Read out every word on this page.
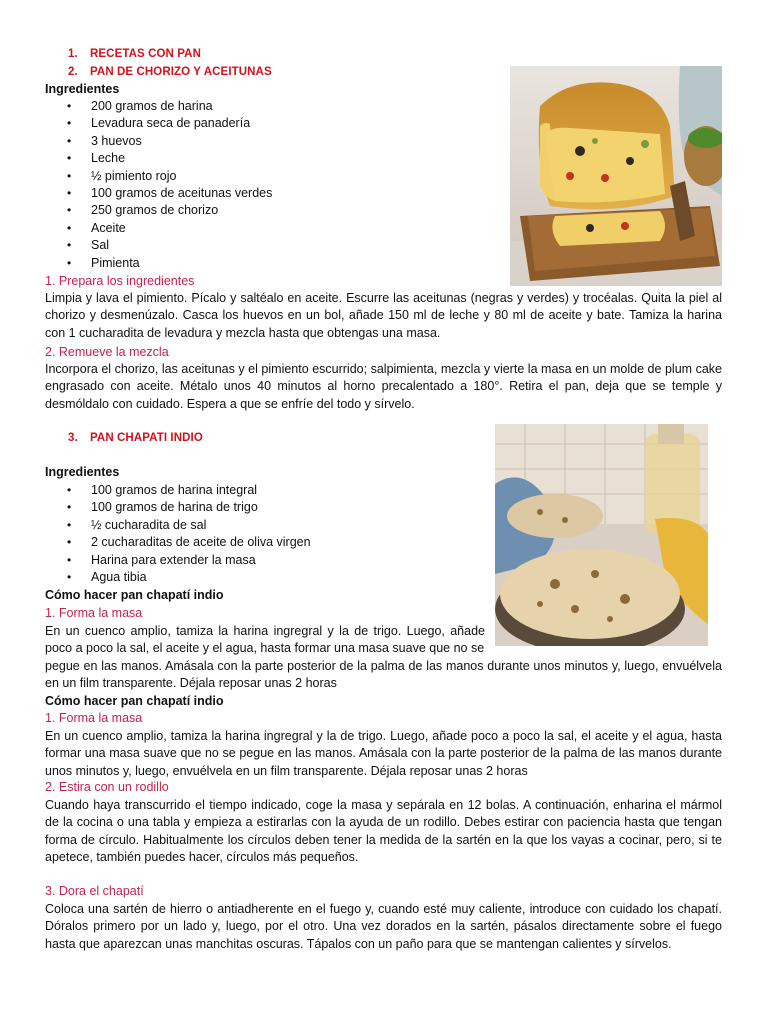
1. RECETAS CON PAN
2. PAN DE CHORIZO Y ACEITUNAS
Ingredientes
• 200 gramos de harina
• Levadura seca de panadería
• 3 huevos
• Leche
• ½ pimiento rojo
• 100 gramos de aceitunas verdes
• 250 gramos de chorizo
• Aceite
• Sal
• Pimienta
1. Prepara los ingredientes
Limpia y lava el pimiento. Pícalo y saltéalo en aceite. Escurre las aceitunas (negras y verdes) y trocéalas. Quita la piel al chorizo y desmenúzalo. Casca los huevos en un bol, añade 150 ml de leche y 80 ml de aceite y bate. Tamiza la harina con 1 cucharadita de levadura y mezcla hasta que obtengas una masa.
2. Remueve la mezcla
Incorpora el chorizo, las aceitunas y el pimiento escurrido; salpimienta, mezcla y vierte la masa en un molde de plum cake engrasado con aceite. Métalo unos 40 minutos al horno precalentado a 180°. Retira el pan, deja que se temple y desmóldalo con cuidado. Espera a que se enfríe del todo y sírvelo.
3. PAN CHAPATI INDIO
Ingredientes
• 100 gramos de harina integral
• 100 gramos de harina de trigo
• ½ cucharadita de sal
• 2 cucharaditas de aceite de oliva virgen
• Harina para extender la masa
• Agua tibia
Cómo hacer pan chapatí indio
1. Forma la masa
En un cuenco amplio, tamiza la harina ingregral y la de trigo. Luego, añade poco a poco la sal, el aceite y el agua, hasta formar una masa suave que no se
pegue en las manos. Amásala con la parte posterior de la palma de las manos durante unos minutos y, luego, envuélvela en un film transparente. Déjala reposar unas 2 horas
Cómo hacer pan chapatí indio
1. Forma la masa
En un cuenco amplio, tamiza la harina ingregral y la de trigo. Luego, añade poco a poco la sal, el aceite y el agua, hasta formar una masa suave que no se pegue en las manos. Amásala con la parte posterior de la palma de las manos durante unos minutos y, luego, envuélvela en un film transparente. Déjala reposar unas 2 horas
2. Estira con un rodillo
Cuando haya transcurrido el tiempo indicado, coge la masa y sepárala en 12 bolas. A continuación, enharina el mármol de la cocina o una tabla y empieza a estirarlas con la ayuda de un rodillo. Debes estirar con paciencia hasta que tengan forma de círculo. Habitualmente los círculos deben tener la medida de la sartén en la que los vayas a cocinar, pero, si te apetece, también puedes hacer, círculos más pequeños.
3. Dora el chapatí
Coloca una sartén de hierro o antiadherente en el fuego y, cuando esté muy caliente, introduce con cuidado los chapatí. Dóralos primero por un lado y, luego, por el otro. Una vez dorados en la sartén, pásalos directamente sobre el fuego hasta que aparezcan unas manchitas oscuras. Tápalos con un paño para que se mantengan calientes y sírvelos.
